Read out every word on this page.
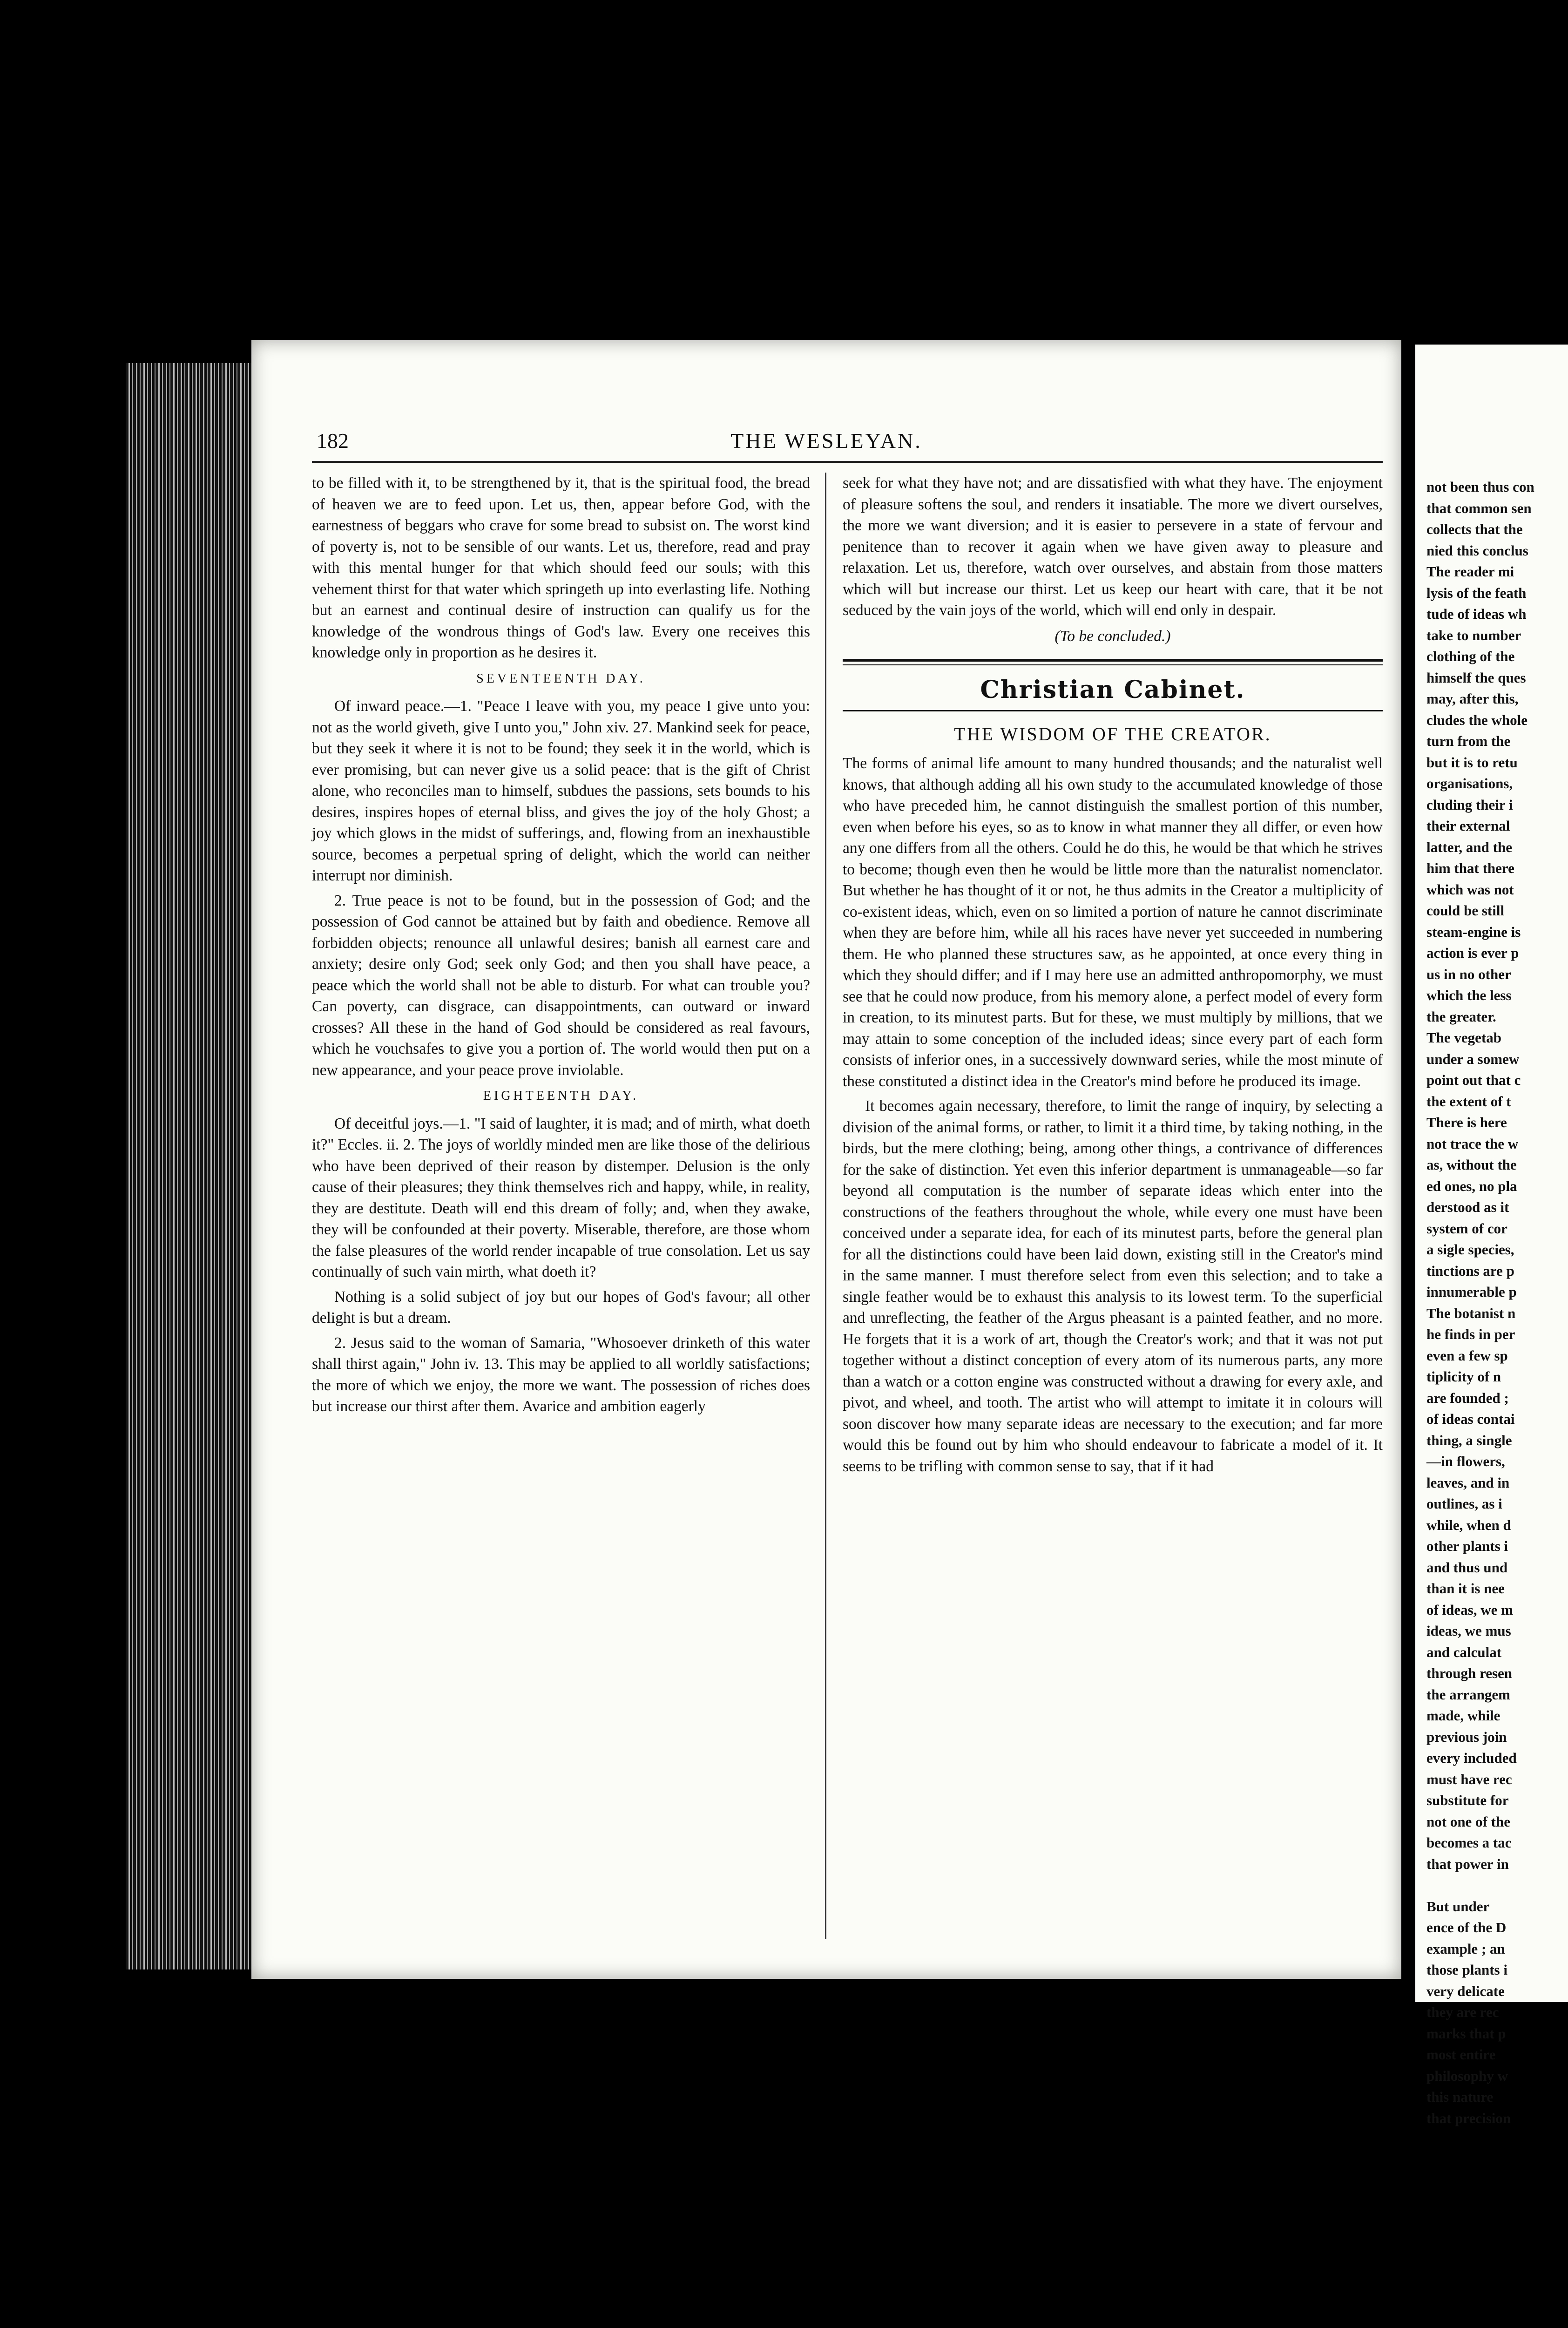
182	THE WESLEYAN.

to be filled with it, to be strengthened by it, that is the spiritual food, the bread of heaven we are to feed upon. Let us, then, appear before God, with the earnestness of beggars who crave for some bread to subsist on. The worst kind of poverty is, not to be sensible of our wants. Let us, therefore, read and pray with this mental hunger for that which should feed our souls; with this vehement thirst for that water which springeth up into everlasting life. Nothing but an earnest and continual desire of instruction can qualify us for the knowledge of the wondrous things of God's law. Every one receives this knowledge only in proportion as he desires it.

SEVENTEENTH DAY.

Of inward peace.—1. "Peace I leave with you, my peace I give unto you: not as the world giveth, give I unto you," John xiv. 27. Mankind seek for peace, but they seek it where it is not to be found; they seek it in the world, which is ever promising, but can never give us a solid peace: that is the gift of Christ alone, who reconciles man to himself, subdues the passions, sets bounds to his desires, inspires hopes of eternal bliss, and gives the joy of the holy Ghost; a joy which glows in the midst of sufferings, and, flowing from an inexhaustible source, becomes a perpetual spring of delight, which the world can neither interrupt nor diminish.

2. True peace is not to be found, but in the possession of God; and the possession of God cannot be attained but by faith and obedience. Remove all forbidden objects; renounce all unlawful desires; banish all earnest care and anxiety; desire only God; seek only God; and then you shall have peace, a peace which the world shall not be able to disturb. For what can trouble you? Can poverty, can disgrace, can disappointments, can outward or inward crosses? All these in the hand of God should be considered as real favours, which he vouchsafes to give you a portion of. The world would then put on a new appearance, and your peace prove inviolable.

EIGHTEENTH DAY.

Of deceitful joys.—1. "I said of laughter, it is mad; and of mirth, what doeth it?" Eccles. ii. 2. The joys of worldly minded men are like those of the delirious who have been deprived of their reason by distemper. Delusion is the only cause of their pleasures; they think themselves rich and happy, while, in reality, they are destitute. Death will end this dream of folly; and, when they awake, they will be confounded at their poverty. Miserable, therefore, are those whom the false pleasures of the world render incapable of true consolation. Let us say continually of such vain mirth, what doeth it?

Nothing is a solid subject of joy but our hopes of God's favour; all other delight is but a dream.

2. Jesus said to the woman of Samaria, "Whosoever drinketh of this water shall thirst again," John iv. 13. This may be applied to all worldly satisfactions; the more of which we enjoy, the more we want. The possession of riches does but increase our thirst after them. Avarice and ambition eagerly

seek for what they have not; and are dissatisfied with what they have. The enjoyment of pleasure softens the soul, and renders it insatiable. The more we divert ourselves, the more we want diversion; and it is easier to persevere in a state of fervour and penitence than to recover it again when we have given away to pleasure and relaxation. Let us, therefore, watch over ourselves, and abstain from those matters which will but increase our thirst. Let us keep our heart with care, that it be not seduced by the vain joys of the world, which will end only in despair.

(To be concluded.)
Christian Cabinet.
THE WISDOM OF THE CREATOR.

The forms of animal life amount to many hundred thousands; and the naturalist well knows, that although adding all his own study to the accumulated knowledge of those who have preceded him, he cannot distinguish the smallest portion of this number, even when before his eyes, so as to know in what manner they all differ, or even how any one differs from all the others. Could he do this, he would be that which he strives to become; though even then he would be little more than the naturalist nomenclator. But whether he has thought of it or not, he thus admits in the Creator a multiplicity of co-existent ideas, which, even on so limited a portion of nature he cannot discriminate when they are before him, while all his races have never yet succeeded in numbering them. He who planned these structures saw, as he appointed, at once every thing in which they should differ; and if I may here use an admitted anthropomorphy, we must see that he could now produce, from his memory alone, a perfect model of every form in creation, to its minutest parts. But for these, we must multiply by millions, that we may attain to some conception of the included ideas; since every part of each form consists of inferior ones, in a successively downward series, while the most minute of these constituted a distinct idea in the Creator's mind before he produced its image.

It becomes again necessary, therefore, to limit the range of inquiry, by selecting a division of the animal forms, or rather, to limit it a third time, by taking nothing, in the birds, but the mere clothing; being, among other things, a contrivance of differences for the sake of distinction. Yet even this inferior department is unmanageable—so far beyond all computation is the number of separate ideas which enter into the constructions of the feathers throughout the whole, while every one must have been conceived under a separate idea, for each of its minutest parts, before the general plan for all the distinctions could have been laid down, existing still in the Creator's mind in the same manner. I must therefore select from even this selection; and to take a single feather would be to exhaust this analysis to its lowest term. To the superficial and unreflecting, the feather of the Argus pheasant is a painted feather, and no more. He forgets that it is a work of art, though the Creator's work; and that it was not put together without a distinct conception of every atom of its numerous parts, any more than a watch or a cotton engine was constructed without a drawing for every axle, and pivot, and wheel, and tooth. The artist who will attempt to imitate it in colours will soon discover how many separate ideas are necessary to the execution; and far more would this be found out by him who should endeavour to fabricate a model of it. It seems to be trifling with common sense to say, that if it had

not been thus con
that common sen
collects that the
nied this conclus
The reader mi
lysis of the feath
tude of ideas wh
take to number
clothing of the
himself the ques
may, after this,
cludes the whole
turn from the
but it is to retu
organisations,
cluding their i
their external
latter, and the
him that there
which was not
could be still
steam-engine is
action is ever p
us in no other
which the less
the greater.
The vegetab
under a somew
point out that c
the extent of t
There is here
not trace the w
as, without the
ed ones, no pla
derstood as it
system of cor
a sigle species,
tinctions are p
innumerable p
The botanist n
he finds in per
even a few sp
tiplicity of n
are founded ;
of ideas contai
thing, a single
—in flowers,
leaves, and in
outlines, as i
while, when d
other plants i
and thus und
than it is nee
of ideas, we m
ideas, we mus
and calculat
through resen
the arrangem
made, while
previous join
every included
must have rec
substitute for
not one of the
becomes a tac
that power in

But under
ence of the D
example ; an
those plants i
very delicate
they are rec
marks that p
most entire
philosophy w
this nature
that precision
